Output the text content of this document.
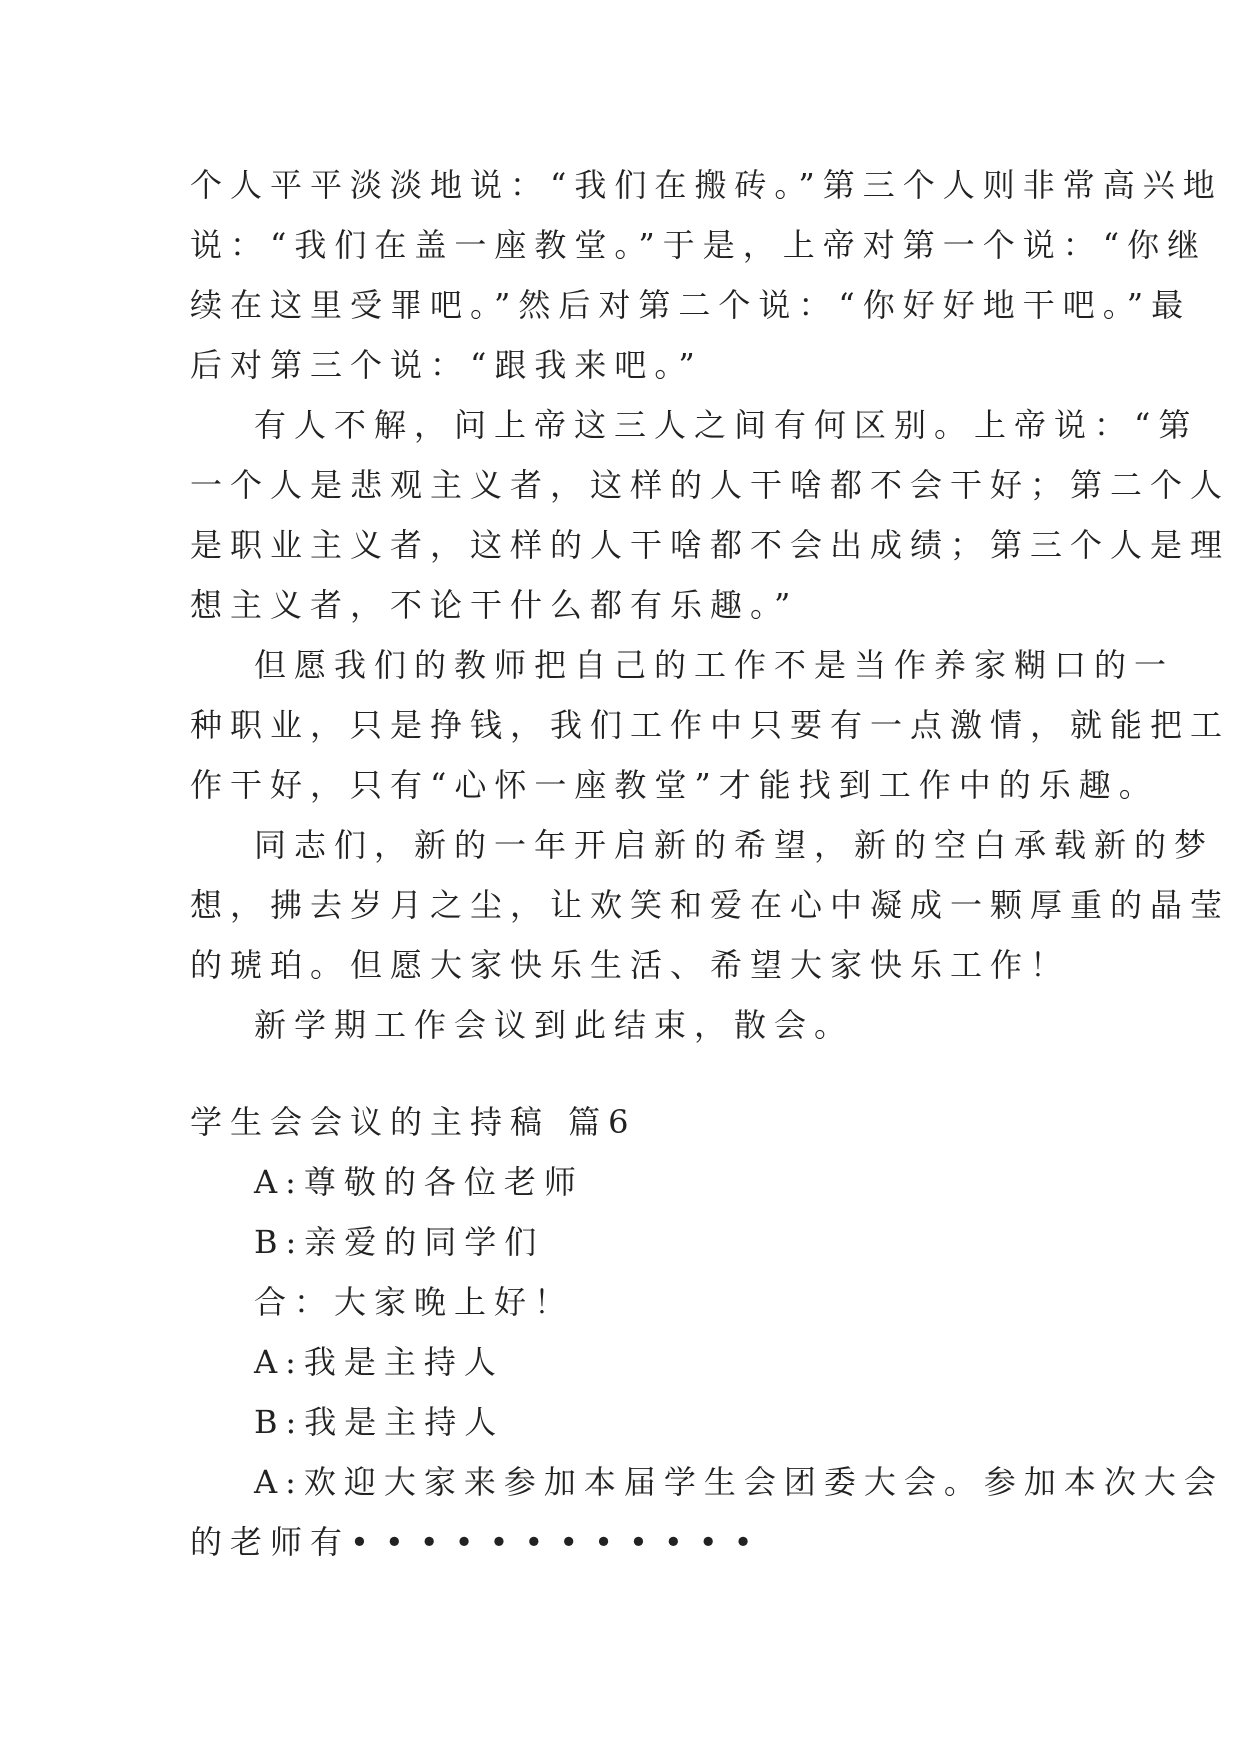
个人平平淡淡地说：“我们在搬砖。”第三个人则非常高兴地
说：“我们在盖一座教堂。”于是，上帝对第一个说：“你继
续在这里受罪吧。”然后对第二个说：“你好好地干吧。”最
后对第三个说：“跟我来吧。”
有人不解，问上帝这三人之间有何区别。上帝说：“第
一个人是悲观主义者，这样的人干啥都不会干好；第二个人
是职业主义者，这样的人干啥都不会出成绩；第三个人是理
想主义者，不论干什么都有乐趣。”
但愿我们的教师把自己的工作不是当作养家糊口的一
种职业，只是挣钱，我们工作中只要有一点激情，就能把工
作干好，只有“心怀一座教堂”才能找到工作中的乐趣。
同志们，新的一年开启新的希望，新的空白承载新的梦
想，拂去岁月之尘，让欢笑和爱在心中凝成一颗厚重的晶莹
的琥珀。但愿大家快乐生活、希望大家快乐工作！
新学期工作会议到此结束，散会。
学生会会议的主持稿 篇6
A:尊敬的各位老师
B:亲爱的同学们
合：大家晚上好！
A:我是主持人
B:我是主持人
A:欢迎大家来参加本届学生会团委大会。参加本次大会
的老师有••••••••••••
